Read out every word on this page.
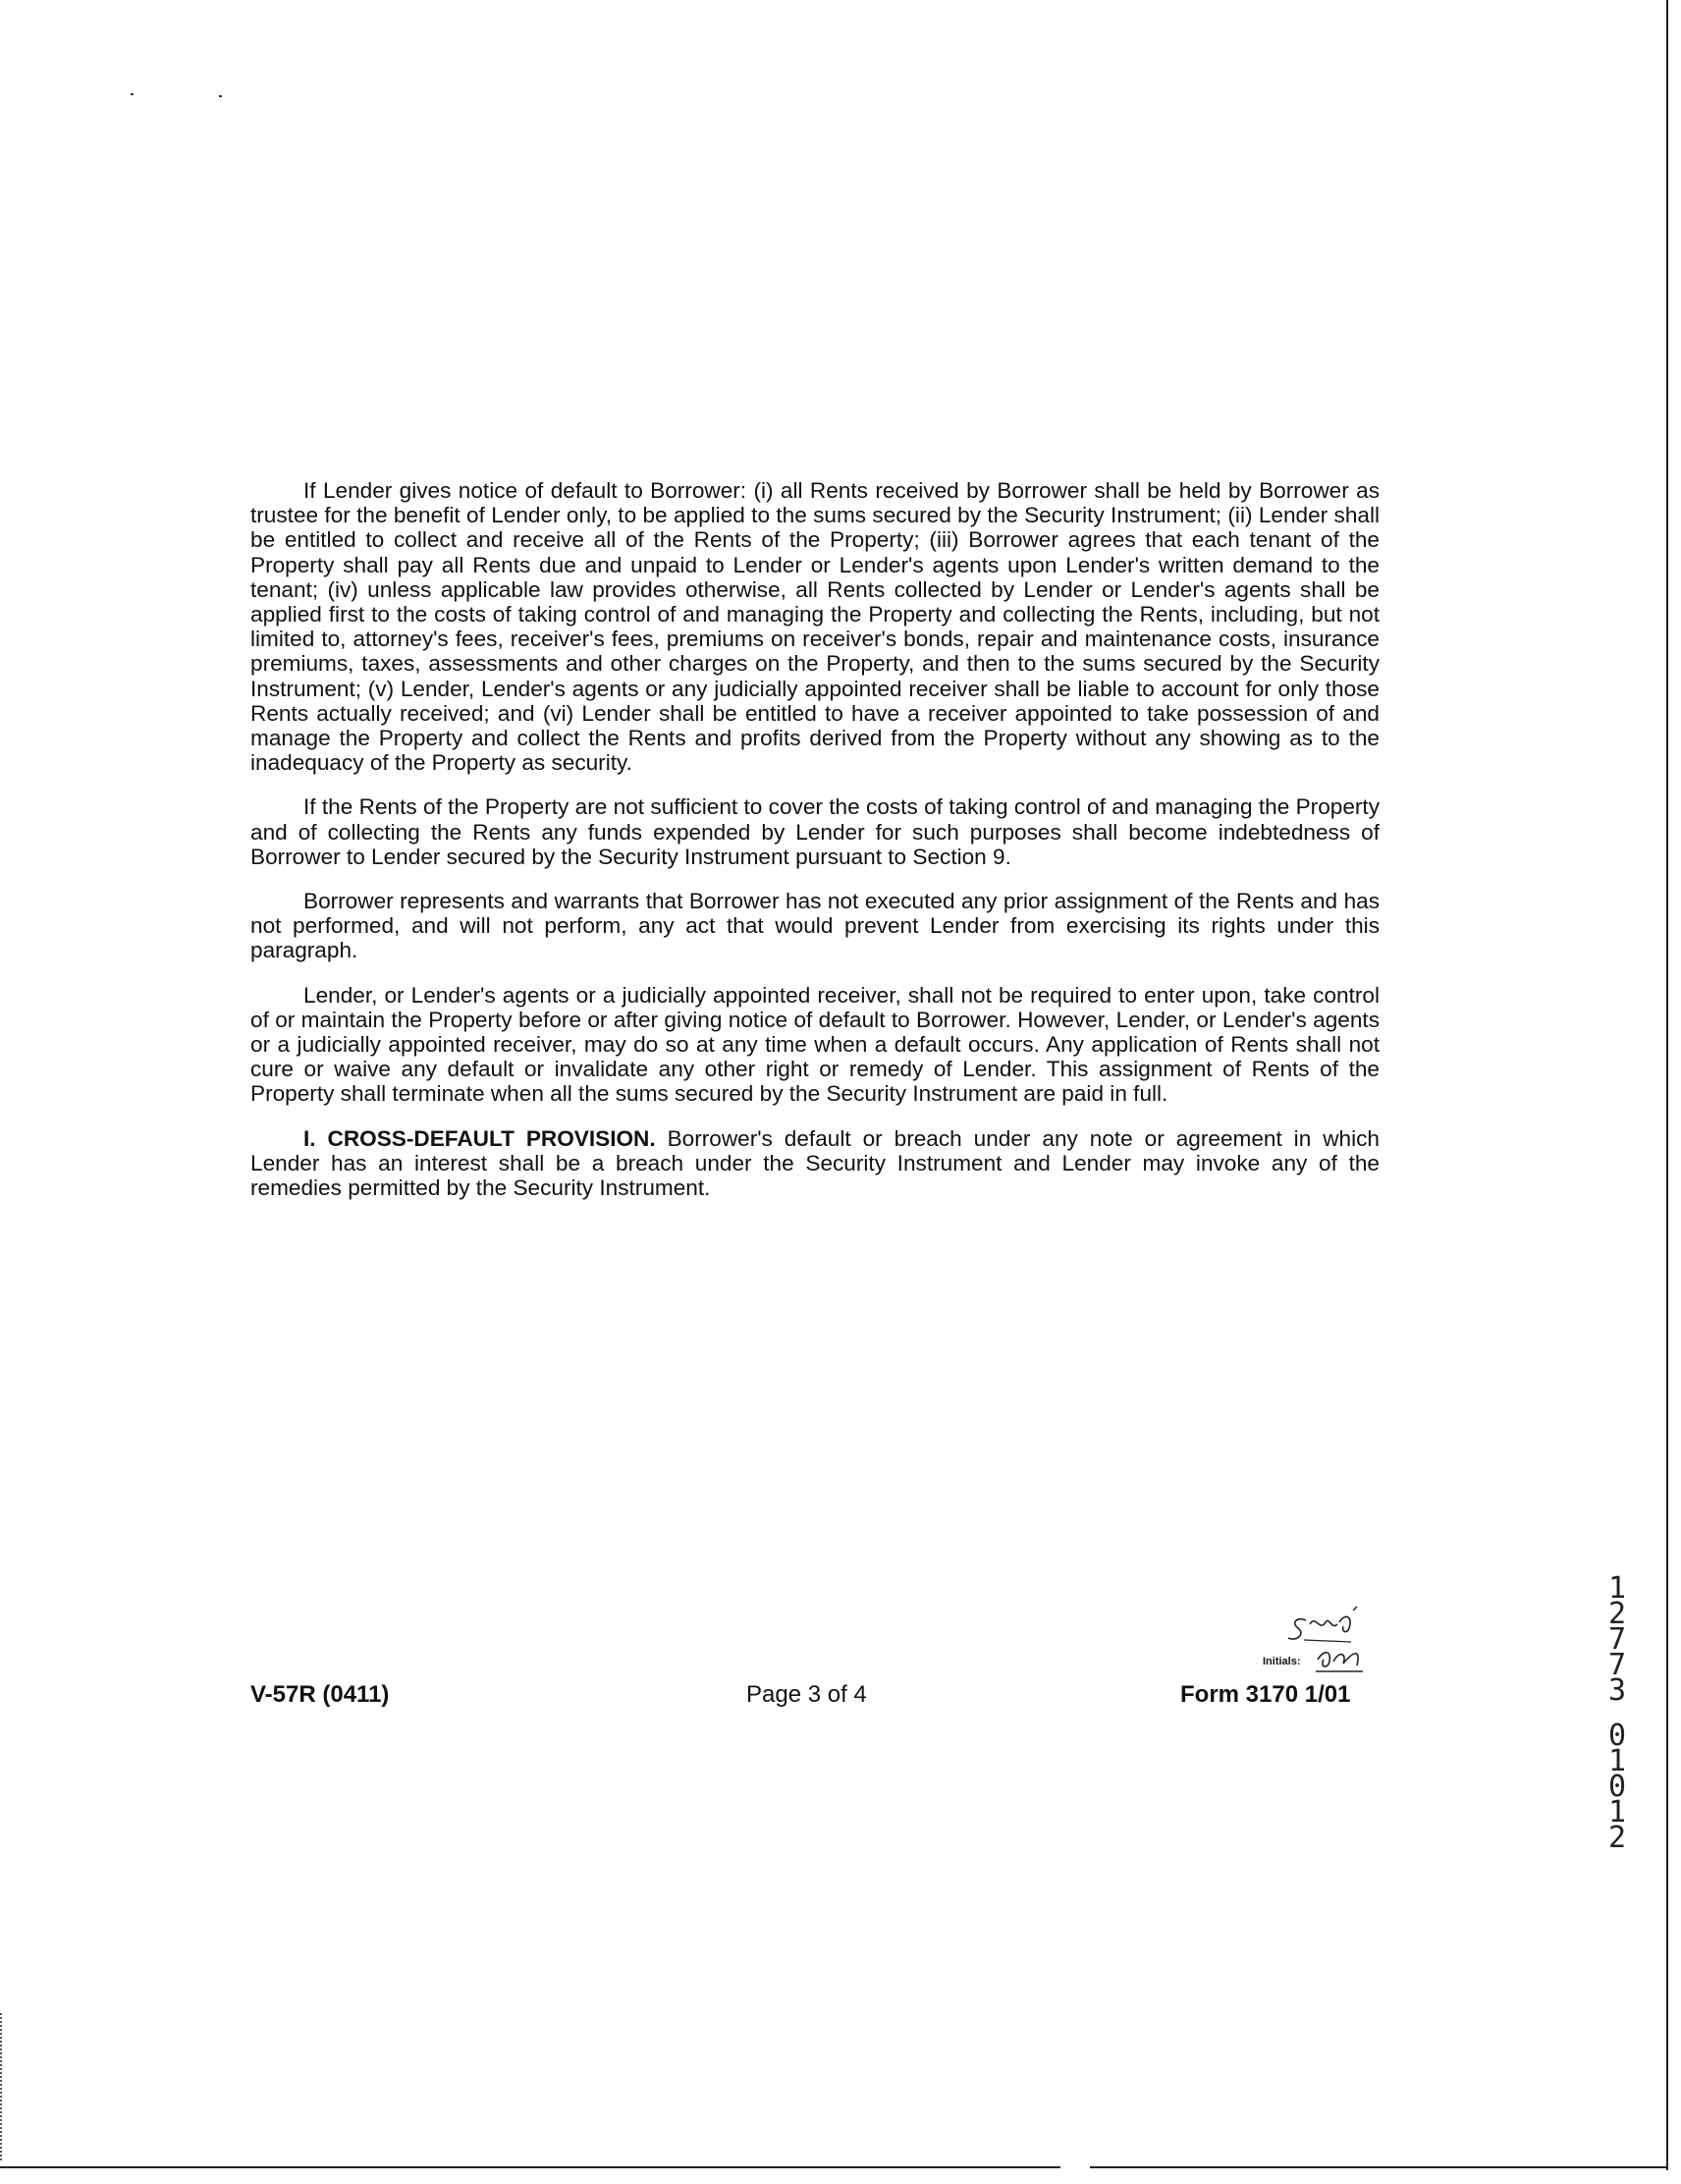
If Lender gives notice of default to Borrower: (i) all Rents received by Borrower shall be held by Borrower as trustee for the benefit of Lender only, to be applied to the sums secured by the Security Instrument; (ii) Lender shall be entitled to collect and receive all of the Rents of the Property; (iii) Borrower agrees that each tenant of the Property shall pay all Rents due and unpaid to Lender or Lender's agents upon Lender's written demand to the tenant; (iv) unless applicable law provides otherwise, all Rents collected by Lender or Lender's agents shall be applied first to the costs of taking control of and managing the Property and collecting the Rents, including, but not limited to, attorney's fees, receiver's fees, premiums on receiver's bonds, repair and maintenance costs, insurance premiums, taxes, assessments and other charges on the Property, and then to the sums secured by the Security Instrument; (v) Lender, Lender's agents or any judicially appointed receiver shall be liable to account for only those Rents actually received; and (vi) Lender shall be entitled to have a receiver appointed to take possession of and manage the Property and collect the Rents and profits derived from the Property without any showing as to the inadequacy of the Property as security.

If the Rents of the Property are not sufficient to cover the costs of taking control of and managing the Property and of collecting the Rents any funds expended by Lender for such purposes shall become indebtedness of Borrower to Lender secured by the Security Instrument pursuant to Section 9.

Borrower represents and warrants that Borrower has not executed any prior assignment of the Rents and has not performed, and will not perform, any act that would prevent Lender from exercising its rights under this paragraph.

Lender, or Lender's agents or a judicially appointed receiver, shall not be required to enter upon, take control of or maintain the Property before or after giving notice of default to Borrower. However, Lender, or Lender's agents or a judicially appointed receiver, may do so at any time when a default occurs. Any application of Rents shall not cure or waive any default or invalidate any other right or remedy of Lender. This assignment of Rents of the Property shall terminate when all the sums secured by the Security Instrument are paid in full.

I. CROSS-DEFAULT PROVISION. Borrower's default or breach under any note or agreement in which Lender has an interest shall be a breach under the Security Instrument and Lender may invoke any of the remedies permitted by the Security Instrument.

Initials:
V-57R (0411)	Page 3 of 4	Form 3170 1/01
1
2
7
7
3
0
1
0
1
2
